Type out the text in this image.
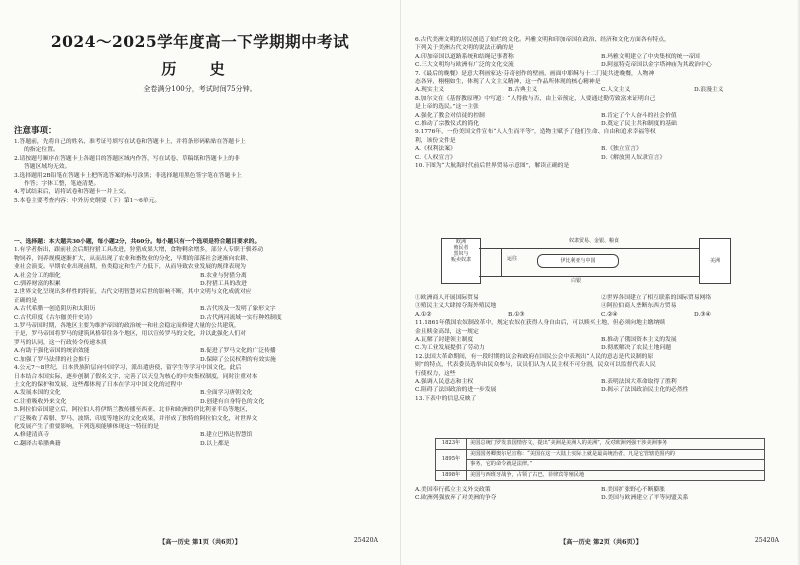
2024～2025学年度高一下学期期中考试
历 史
全卷满分100分，考试时间75分钟。
注意事项：
1.答题前，先将自己的姓名、准考证号填写在试卷和答题卡上，并将条形码粘贴在答题卡上
的指定位置。
2.请按题号顺序在答题卡上各题目的答题区域内作答，写在试卷、草稿纸和答题卡上的非
答题区域均无效。
3.选择题用2B铅笔在答题卡上把所选答案的标号涂黑；非选择题用黑色签字笔在答题卡上
作答；字体工整，笔迹清楚。
4.考试结束后，请将试卷和答题卡一并上交。
5.本卷主要考查内容：中外历史纲要（下）第1～6单元。
一、选择题：本大题共30小题，每小题2分，共60分。每小题只有一个选项是符合题目要求的。
1.有学者指出，跟前社会后期狩猎工具改进，狩猎成果大增，食物剩余增多，部分人专职于驯养动
物饲养，饲养规模逐渐扩大，从而出现了农业和畜牧业的分化，早期的部落社会逐渐向农耕、
业社会演变。早期农业出现前期，鱼类稳定和生产力低下，从而导致农业发展的规律表现为
A.社会分工的细化	B.农业与狩猎分离
C.驯养财富的积累	D.狩猎工具的改进
2.世界文化呈现出多样性的特征，古代文明智慧对后世的影响不断，其中文明与文化成就对应
正确的是
A.古代希腊一创造阴历和太阳历	B.古代埃及一发明了象形文字
C.古代印度《古尔伽美什史诗》	D.古代两河流域一实行种姓制度
3.罗马帝国时期，各地区主要为维护帝国的政治统一和社会稳定而修建大量的公共建筑，
于是，罗马帝国将罗马的建筑风格带往各个地区，用以宣传罗马的文化，并以此强化人们对
罗马的认同，这一行政传令传递本质
A.有助于强化帝国的统治效能	B.促进了罗马文化的广泛传播
C.加强了罗马法律的社会推行	D.保障了公民权利的有效实施
4.公元7～8世纪，日本贵族阶层向中国学习，派出遣唐使、留学生等学习中国文化，此后
日本结合本国实际，逐步创制了假名文字，完善了以天皇为核心的中央集权制度，同时注重对本
土文化的保护和发展，这些都体现了日本在学习中国文化的过程中
A.发展本国的文化	B.全面学习唐朝文化
C.注重吸收外来文化	D.创建有自身特色的文化
5.阿拉伯帝国建立后，阿拉伯人将伊斯兰教传播至西亚、北非和欧洲的伊比利亚半岛等地区，
广泛吸收了希腊、罗马、波斯、印度等地区的文化成果，并形成了独特的阿拉伯文化，对世界文
化发展产生了重要影响，下列选项能够体现这一特征的是
A.修建清真寺	B.建立巴格达智慧馆
C.翻译古希腊典籍	D.以上都是
【高一历史 第1页（共6页）】	25420A
6.古代美洲文明的居民创造了灿烂的文化。玛雅文明和印加帝国在政治、经济和文化方面各有特点，
下列关于美洲古代文明的说法正确的是
A.印加帝国以道路系统和结绳记事著称	B.玛雅文明建立了中央集权的统一帝国
C.三大文明均与欧洲有广泛的文化交流	D.阿兹特克帝国以金字塔神庙为其政治中心
7.《最后的晚餐》是意大利画家达·芬奇创作的壁画，画面中耶稣与十二门徒共进晚餐，人物神
态各异，栩栩如生，体现了人文主义精神，这一作品所体现的核心精神是
A.现实主义	B.古典主义	C.人文主义	D.浪漫主义
8.加尔文在《基督教原理》中写道：“人得救与否，由上帝预定，人要通过勤劳致富来证明自己
是上帝的选民。”这一主张
A.强化了教会对信徒的控制	B.肯定了个人奋斗的社会价值
C.推动了宗教仪式的简化	D.奠定了民主共和制度的基础
9.1776年，一份美国文件宣布“人人生而平等”，造物主赋予了他们生命、自由和追求幸福等权
利，该份文件是
A.《权利法案》	B.《独立宣言》
C.《人权宣言》	D.《解放黑人奴隶宣言》
10.下图为“大航海时代前后世界贸易示意图”，解读正确的是
欧洲
殖民者
黑奴与
贩卖奴隶
奴隶贸易、金银、粮食
运往	伊比利亚与中国
白银
美洲
①欧洲商人开展国际贸易	②世界各国建立了相互联系的国际贸易网络
③殖民主义大肆掠夺海外殖民地	④阿拉伯商人垄断东西方贸易
A.①②	B.①③	C.②④	D.③④
11.1861年俄国农奴制改革中，规定农奴在获得人身自由后，可以赎买土地，但必须向地主缴纳赎
金且赎金高昂，这一规定
A.瓦解了封建领主制度	B.推动了俄国资本主义的发展
C.为工业发展提供了劳动力	D.彻底解决了农民土地问题
12.法国大革命期间，有一段时期的议会和政府在国民公会中表现出“人民的意志是代议制的原
则”的特点，代表委员选举由民众参与，议员们认为人民主权不可分割，民众可以监督代表人民
行使权力，这些
A.强调人民意志和主权	B.表明法国大革命取得了胜利
C.阻碍了法国政治的进一步发展	D.揭示了法国政治民主化的必然性
13.下表中的信息反映了
1823年	美国总统门罗发表国情咨文，提出“美洲是美洲人的美洲”，反对欧洲列强干涉美洲事务
1895年	美国国务卿奥尔尼宣称：“美国在这一大陆上实际上就是最高统治者，凡是它管辖范围内的
	事务，它的命令就是法律。”
1898年	美国与西班牙战争，占领了古巴、菲律宾等殖民地
A.美国奉行孤立主义外交政策	B.美国扩张野心不断膨胀
C.欧洲列强放弃了对美洲的争夺	D.美国与欧洲建立了平等同盟关系
【高一历史 第2页（共6页）】	25420A
